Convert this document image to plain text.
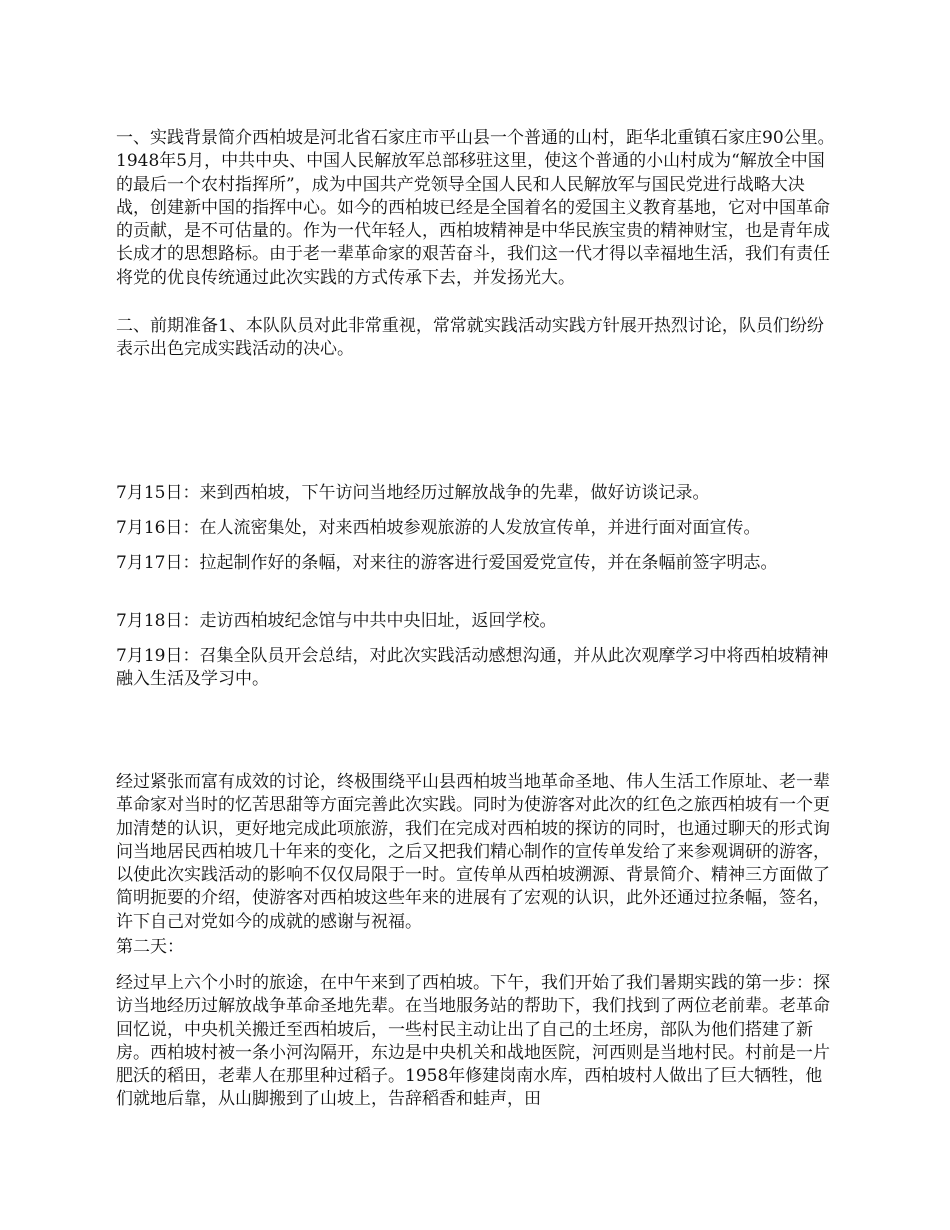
一、实践背景简介西柏坡是河北省石家庄市平山县一个普通的山村，距华北重镇石家庄90公里。1948年5月，中共中央、中国人民解放军总部移驻这里，使这个普通的小山村成为“解放全中国的最后一个农村指挥所”，成为中国共产党领导全国人民和人民解放军与国民党进行战略大决战，创建新中国的指挥中心。如今的西柏坡已经是全国着名的爱国主义教育基地，它对中国革命的贡献，是不可估量的。作为一代年轻人，西柏坡精神是中华民族宝贵的精神财宝，也是青年成长成才的思想路标。由于老一辈革命家的艰苦奋斗，我们这一代才得以幸福地生活，我们有责任将党的优良传统通过此次实践的方式传承下去，并发扬光大。

二、前期准备1、本队队员对此非常重视，常常就实践活动实践方针展开热烈讨论，队员们纷纷表示出色完成实践活动的决心。

7月15日：来到西柏坡，下午访问当地经历过解放战争的先辈，做好访谈记录。

7月16日：在人流密集处，对来西柏坡参观旅游的人发放宣传单，并进行面对面宣传。

7月17日：拉起制作好的条幅，对来往的游客进行爱国爱党宣传，并在条幅前签字明志。

7月18日：走访西柏坡纪念馆与中共中央旧址，返回学校。

7月19日：召集全队员开会总结，对此次实践活动感想沟通，并从此次观摩学习中将西柏坡精神融入生活及学习中。

经过紧张而富有成效的讨论，终极围绕平山县西柏坡当地革命圣地、伟人生活工作原址、老一辈革命家对当时的忆苦思甜等方面完善此次实践。同时为使游客对此次的红色之旅西柏坡有一个更加清楚的认识，更好地完成此项旅游，我们在完成对西柏坡的探访的同时，也通过聊天的形式询问当地居民西柏坡几十年来的变化，之后又把我们精心制作的宣传单发给了来参观调研的游客，以使此次实践活动的影响不仅仅局限于一时。宣传单从西柏坡溯源、背景简介、精神三方面做了简明扼要的介绍，使游客对西柏坡这些年来的进展有了宏观的认识，此外还通过拉条幅，签名，许下自己对党如今的成就的感谢与祝福。

第二天：

经过早上六个小时的旅途，在中午来到了西柏坡。下午，我们开始了我们暑期实践的第一步：探访当地经历过解放战争革命圣地先辈。在当地服务站的帮助下，我们找到了两位老前辈。老革命回忆说，中央机关搬迁至西柏坡后，一些村民主动让出了自己的土坯房，部队为他们搭建了新房。西柏坡村被一条小河沟隔开，东边是中央机关和战地医院，河西则是当地村民。村前是一片肥沃的稻田，老辈人在那里种过稻子。1958年修建岗南水库，西柏坡村人做出了巨大牺牲，他们就地后靠，从山脚搬到了山坡上，告辞稻香和蛙声，田
